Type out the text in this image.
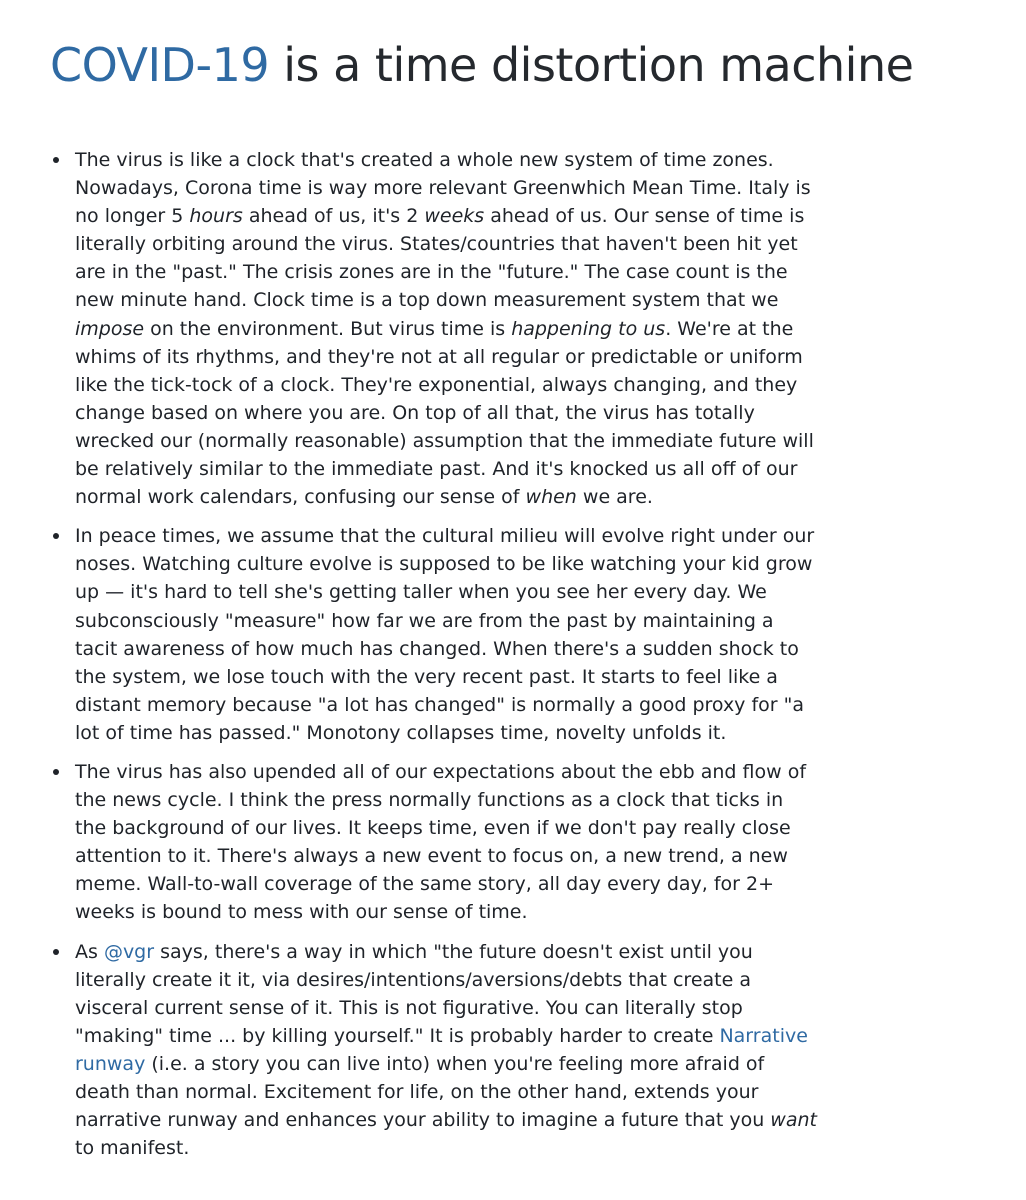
COVID-19 is a time distortion machine
The virus is like a clock that's created a whole new system of time zones.
Nowadays, Corona time is way more relevant Greenwhich Mean Time. Italy is
no longer 5 hours ahead of us, it's 2 weeks ahead of us. Our sense of time is
literally orbiting around the virus. States/countries that haven't been hit yet
are in the "past." The crisis zones are in the "future." The case count is the
new minute hand. Clock time is a top down measurement system that we
impose on the environment. But virus time is happening to us. We're at the
whims of its rhythms, and they're not at all regular or predictable or uniform
like the tick-tock of a clock. They're exponential, always changing, and they
change based on where you are. On top of all that, the virus has totally
wrecked our (normally reasonable) assumption that the immediate future will
be relatively similar to the immediate past. And it's knocked us all off of our
normal work calendars, confusing our sense of when we are.
In peace times, we assume that the cultural milieu will evolve right under our
noses. Watching culture evolve is supposed to be like watching your kid grow
up — it's hard to tell she's getting taller when you see her every day. We
subconsciously "measure" how far we are from the past by maintaining a
tacit awareness of how much has changed. When there's a sudden shock to
the system, we lose touch with the very recent past. It starts to feel like a
distant memory because "a lot has changed" is normally a good proxy for "a
lot of time has passed." Monotony collapses time, novelty unfolds it.
The virus has also upended all of our expectations about the ebb and flow of
the news cycle. I think the press normally functions as a clock that ticks in
the background of our lives. It keeps time, even if we don't pay really close
attention to it. There's always a new event to focus on, a new trend, a new
meme. Wall-to-wall coverage of the same story, all day every day, for 2+
weeks is bound to mess with our sense of time.
As @vgr says, there's a way in which "the future doesn't exist until you
literally create it it, via desires/intentions/aversions/debts that create a
visceral current sense of it. This is not figurative. You can literally stop
"making" time ... by killing yourself." It is probably harder to create Narrative
runway (i.e. a story you can live into) when you're feeling more afraid of
death than normal. Excitement for life, on the other hand, extends your
narrative runway and enhances your ability to imagine a future that you want
to manifest.
